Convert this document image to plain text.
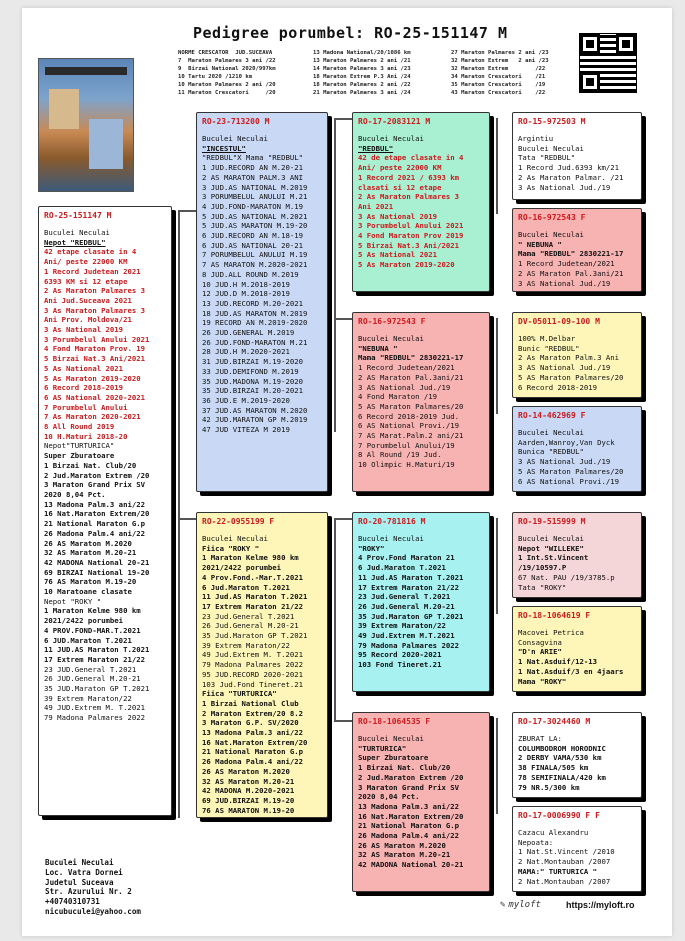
Pedigree porumbel: RO-25-151147 M
NORME CRESCATOR  JUD.SUCEAVA
7  Maraton Palmares 3 ani /22
9  Birzai National 2020/997km
10 Tartu 2020 /1210 km
10 Maraton Palmares 2 ani /20
11 Maraton Crescatori     /20
13 Madona National/20/1086 km
13 Maraton Palmares 2 ani /21
14 Maraton Palmares 3 ani /23
18 Maraton Extrem P.3 Ani /24
18 Maraton Palmares 2 ani /22
21 Maraton Palmares 3 ani /24
27 Maraton Palmares 2 ani /23
32 Maraton Extrem   2 ani /23
32 Maraton Extrem        /22
34 Maraton Crescatori    /21
35 Maraton Crescatori    /19
43 Maraton Crescatori    /22
RO-25-151147 M
Buculei Neculai
Nepot "REDBUL"
42 etape clasate in 4
Ani/ peste 22000 KM
1 Record Judetean 2021
6393 KM si 12 etape
2 As Maraton Palmares 3
Ani Jud.Suceava 2021
3 As Maraton Palmares 3
Ani Prov. Moldova/21
3 As National 2019
3 Porumbelul Anului 2021
4 Fond Maraton Prov. 19
5 Birzai Nat.3 Ani/2021
5 As National 2021
5 As Maraton 2019-2020
6 Record 2018-2019
6 AS National 2020-2021
7 Porumbelul Anului
7 As Maraton 2020-2021
8 All Round 2019
10 H.Maturi 2018-20
Nepot"TURTURICA"
Super Zburatoare
1 Birzai Nat. Club/20
2 Jud.Maraton Extrem /20
3 Maraton Grand Prix SV
2020 8,04 Pct.
13 Madona Palm.3 ani/22
16 Nat.Maraton Extrem/20
21 National Maraton G.p
26 Madona Palm.4 ani/22
26 AS Maraton M.2020
32 AS Maraton M.20-21
42 MADONA National 20-21
69 BIRZAI National 19-20
76 AS Maraton M.19-20
10 Maratoane clasate
Nepot "ROKY "
1 Maraton Kelme 980 km
2021/2422 porumbei
4 PROV.FOND-MAR.T.2021
6 JUD.Maraton T.2021
11 JUD.AS Maraton T.2021
17 Extrem Maraton 21/22
23 JUD.General T.2021
26 JUD.General M.20-21
35 JUD.Maraton GP T.2021
39 Extrem Maraton/22
49 JUD.Extrem M. T.2021
79 Madona Palmares 2022
RO-23-713200 M
Buculei Neculai
"INCESTUL"
"REDBUL"X Mama "REDBUL"
1 JUD.RECORD AN M.20-21
2 AS MARATON PALM.3 ANI
3 JUD.AS NATIONAL M.2019
3 PORUMBELUL ANULUI M.21
4 JUD.FOND-MARATON M.19
5 JUD.AS NATIONAL M.2021
5 JUD.AS MARATON M.19-20
6 JUD.RECORD AN M.18-19
6 JUD.AS NATIONAL 20-21
7 PORUMBELUL ANULUI M.19
7 AS MARATON M.2020-2021
8 JUD.ALL ROUND M.2019
10 JUD.H M.2018-2019
12 JUD.D M.2018-2019
13 JUD.RECORD M.20-2021
18 JUD.AS MARATON M.2019
19 RECORD AN M.2019-2020
26 JUD.GENERAL M.2019
26 JUD.FOND-MARATON M.21
28 JUD.H M.2020-2021
31 JUD.BIRZAI M.19-2020
33 JUD.DEMIFOND M.2019
35 JUD.MADONA M.19-2020
35 JUD.BIRZAI M.20-2021
36 JUD.E M.2019-2020
37 JUD.AS MARATON M.2020
42 JUD.MARATON GP M.2019
47 JUD VITEZA M 2019
RO-22-0955199 F
Buculei Neculai
Fiica "ROKY "
1 Maraton Kelme 980 km
2021/2422 porumbei
4 Prov.Fond.-Mar.T.2021
6 Jud.Maraton T.2021
11 Jud.AS Maraton T.2021
17 Extrem Maraton 21/22
23 Jud.General T.2021
26 Jud.General M.20-21
35 Jud.Maraton GP T.2021
39 Extrem Maraton/22
49 Jud.Extrem M. T.2021
79 Madona Palmares 2022
95 JUD.RECORD 2020-2021
103 Jud.Fond Tineret.21
Fiica "TURTURICA"
1 Birzai National Club
2 Maraton Extrem/20 8.2
3 Maraton G.P. SV/2020
13 Madona Palm.3 ani/22
16 Nat.Maraton Extrem/20
21 National Maraton G.p
26 Madona Palm.4 ani/22
26 AS Maraton M.2020
32 AS Maraton M.20-21
42 MADONA M.2020-2021
69 JUD.BIRZAI M.19-20
76 AS MARATON M.19-20
RO-17-2083121 M
Buculei Neculai
"REDBUL"
42 de etape clasate in 4
Ani/ peste 22000 KM
1 Record 2021 / 6393 km
clasati si 12 etape
2 As Maraton Palmares 3
Ani 2021
3 As National 2019
3 Porumbelul Anului 2021
4 Fond Maraton Prov 2019
5 Birzai Nat.3 Ani/2021
5 As National 2021
5 As Maraton 2019-2020
RO-16-972543 F
Buculei Neculai
"NEBUNA "
Mama "REDBUL" 2830221-17
1 Record Judetean/2021
2 AS Maraton Pal.3ani/21
3 AS National Jud./19
4 Fond Maraton /19
5 AS Maraton Palmares/20
6 Record 2018-2019 Jud.
6 AS National Provi./19
7 AS Marat.Palm.2 ani/21
7 Porumbelul Anului/19
8 Al Round /19 Jud.
10 Olimpic H.Maturi/19
RO-20-781816 M
Buculei Neculai
"ROKY"
4 Prov.Fond Maraton 21
6 Jud.Maraton T.2021
11 Jud.AS Maraton T.2021
17 Extrem Maraton 21/22
23 Jud.General T.2021
26 Jud.General M.20-21
35 Jud.Maraton GP T.2021
39 Extrem Maraton/22
49 Jud.Extrem M.T.2021
79 Madona Palmares 2022
95 Record 2020-2021
103 Fond Tineret.21
RO-18-1064535 F
Buculei Neculai
"TURTURICA"
Super Zburatoare
1 Birzai Nat. Club/20
2 Jud.Maraton Extrem /20
3 Maraton Grand Prix SV
2020 8,04 Pct.
13 Madona Palm.3 ani/22
16 Nat.Maraton Extrem/20
21 National Maraton G.p
26 Madona Palm.4 ani/22
26 AS Maraton M.2020
32 AS Maraton M.20-21
42 MADONA National 20-21
RO-15-972503 M
Argintiu
Buculei Neculai
Tata "REDBUL"
1 Record Jud.6393 km/21
2 As Maraton Palmar. /21
3 As National Jud./19
RO-16-972543 F
Buculei Neculai
" NEBUNA "
Mama "REDBUL" 2830221-17
1 Record Judetean/2021
2 AS Maraton Pal.3ani/21
3 AS National Jud./19
DV-05011-09-100 M
100% M.Delbar
Bunic "REDBUL"
2 As Maraton Palm.3 Ani
3 AS National Jud./19
5 AS Maraton Palmares/20
6 Record 2018-2019
RO-14-462969 F
Buculei Neculai
Aarden,Wanroy,Van Dyck
Bunica "REDBUL"
3 AS National Jud./19
5 AS Maraton Palmares/20
6 AS National Provi./19
RO-19-515999 M
Buculei Neculai
Nepot "WILLEKE"
1 Int.St.Vincent
/19/10597.P
67 Nat. PAU /19/3785.p
Tata "ROKY"
RO-18-1064619 F
Macovei Petrica
Consagvina
"D'n ARIE"
1 Nat.Asduif/12-13
1 Nat.Asduif/3 en 4jaars
Mama "ROKY"
RO-17-3024460 M
ZBURAT LA:
COLUMBODROM HORODNIC
2 DERBY VAMA/530 km
38 FINALA/505 km
78 SEMIFINALA/420 km
79 NR.5/300 km
RO-17-0006990 F F
Cazacu Alexandru
Nepoata:
1 Nat.St.Vincent /2010
2 Nat.Montauban /2007
MAMA:" TURTURICA "
2 Nat.Montauban /2007
Buculei Neculai
Loc. Vatra Dornei
Judetul Suceava
Str. Azurului Nr. 2
+40740310731
nicubuculei@yahoo.com
✎ myloft	https://myloft.ro
